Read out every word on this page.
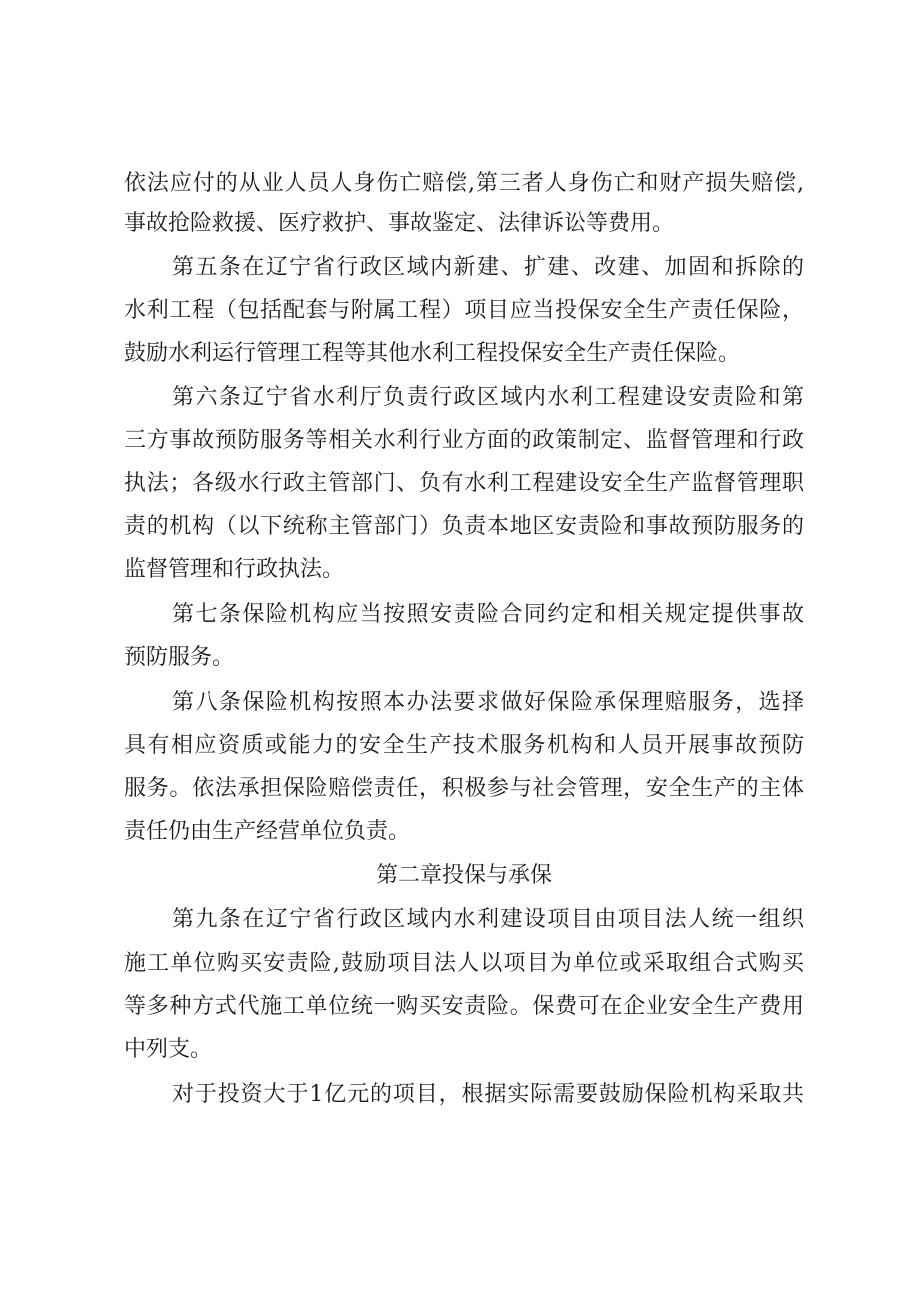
依法应付的从业人员人身伤亡赔偿,第三者人身伤亡和财产损失赔偿,
事故抢险救援、医疗救护、事故鉴定、法律诉讼等费用。
第五条在辽宁省行政区域内新建、扩建、改建、加固和拆除的
水利工程（包括配套与附属工程）项目应当投保安全生产责任保险，
鼓励水利运行管理工程等其他水利工程投保安全生产责任保险。
第六条辽宁省水利厅负责行政区域内水利工程建设安责险和第
三方事故预防服务等相关水利行业方面的政策制定、监督管理和行政
执法；各级水行政主管部门、负有水利工程建设安全生产监督管理职
责的机构（以下统称主管部门）负责本地区安责险和事故预防服务的
监督管理和行政执法。
第七条保险机构应当按照安责险合同约定和相关规定提供事故
预防服务。
第八条保险机构按照本办法要求做好保险承保理赔服务，选择
具有相应资质或能力的安全生产技术服务机构和人员开展事故预防
服务。依法承担保险赔偿责任，积极参与社会管理，安全生产的主体
责任仍由生产经营单位负责。
第二章投保与承保
第九条在辽宁省行政区域内水利建设项目由项目法人统一组织
施工单位购买安责险,鼓励项目法人以项目为单位或采取组合式购买
等多种方式代施工单位统一购买安责险。保费可在企业安全生产费用
中列支。
对于投资大于1亿元的项目，根据实际需要鼓励保险机构采取共
